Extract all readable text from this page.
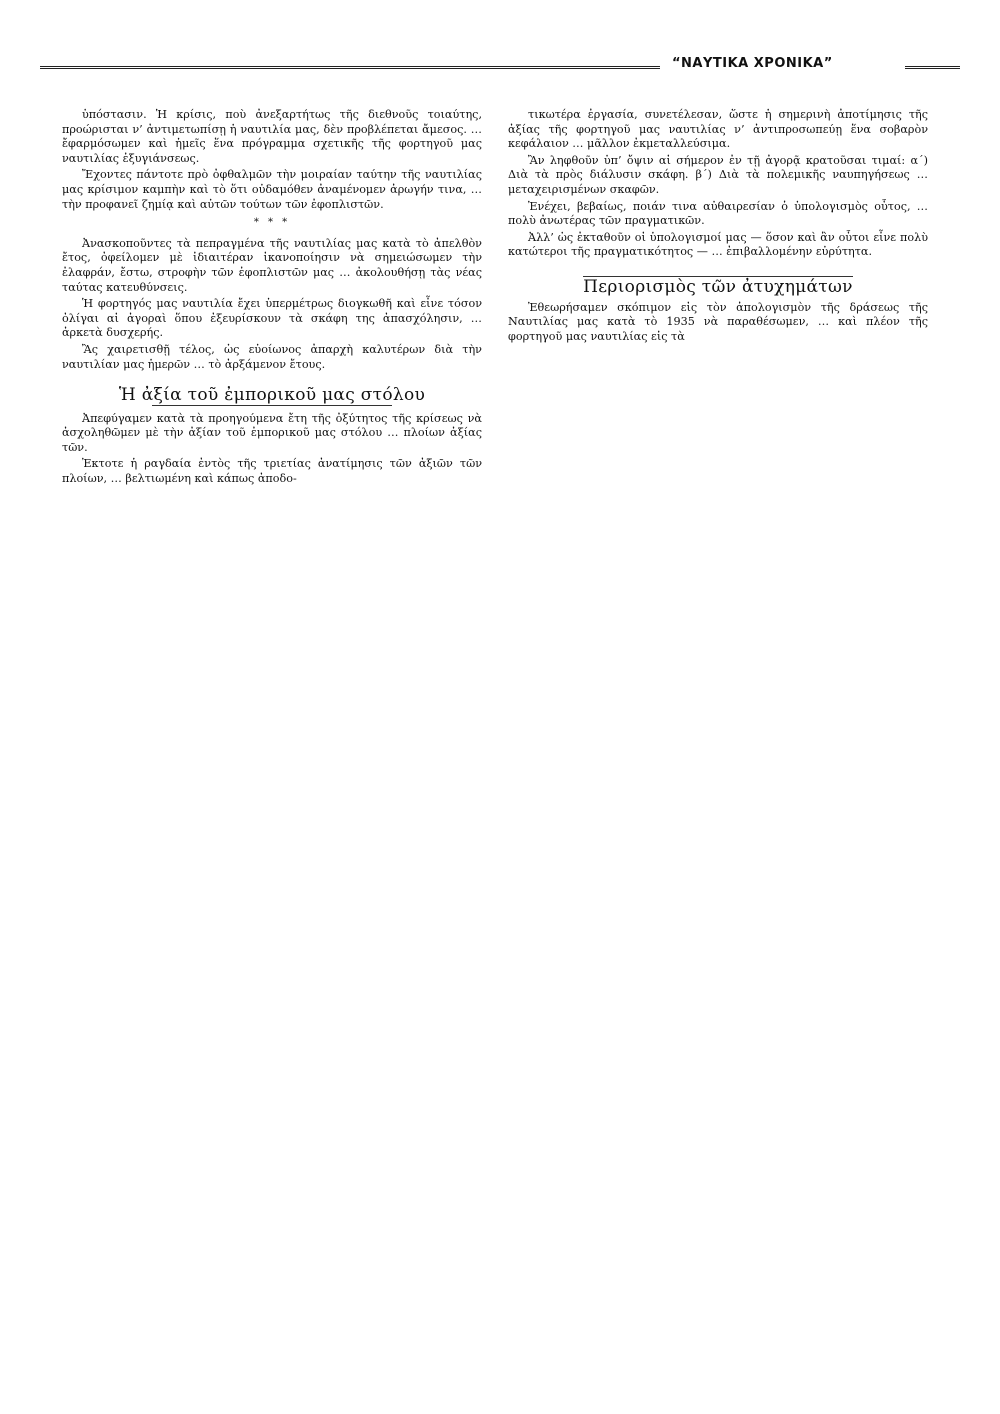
“ΝΑΥΤΙΚΑ ΧΡΟΝΙΚΑ”

ὑπόστασιν. Ἡ κρίσις, ποὺ ἀνεξαρτήτως τῆς διεθνοῦς τοιαύτης, προώρισται ν’ ἀντιμετωπίσῃ ἡ ναυτιλία μας, δὲν προβλέπεται ἄμεσος. … ἔφαρμόσωμεν καὶ ἡμεῖς ἕνα πρόγραμμα σχετικῆς τῆς φορτηγοῦ μας ναυτιλίας ἐξυγιάνσεως.

Ἔχοντες πάντοτε πρὸ ὀφθαλμῶν τὴν μοιραίαν ταύτην τῆς ναυτιλίας μας κρίσιμον καμπὴν καὶ τὸ ὅτι οὐδαμόθεν ἀναμένομεν ἀρωγήν τινα, … τὴν προφανεῖ ζημίᾳ καὶ αὐτῶν τούτων τῶν ἐφοπλιστῶν.

* * *

Ἀνασκοποῦντες τὰ πεπραγμένα τῆς ναυτιλίας μας κατὰ τὸ ἀπελθὸν ἔτος, ὀφείλομεν μὲ ἰδιαιτέραν ἱκανοποίησιν νὰ σημειώσωμεν τὴν ἐλαφράν, ἔστω, στροφὴν τῶν ἐφοπλιστῶν μας … ἀκολουθήσῃ τὰς νέας ταύτας κατευθύνσεις.

Ἡ φορτηγός μας ναυτιλία ἔχει ὑπερμέτρως διογκωθῆ καὶ εἶνε τόσον ὀλίγαι αἱ ἀγοραὶ ὅπου ἐξευρίσκουν τὰ σκάφη της ἀπασχόλησιν, … ἀρκετὰ δυσχερής.

Ἂς χαιρετισθῇ τέλος, ὡς εὐοίωνος ἀπαρχὴ καλυτέρων διὰ τὴν ναυτιλίαν μας ἡμερῶν … τὸ ἀρξάμενον ἔτους.

Ἡ ἀξία τοῦ ἐμπορικοῦ μας στόλου

Ἀπεφύγαμεν κατὰ τὰ προηγούμενα ἔτη τῆς ὀξύτητος τῆς κρίσεως νὰ ἀσχοληθῶμεν μὲ τὴν ἀξίαν τοῦ ἐμπορικοῦ μας στόλου … πλοίων ἀξίας τῶν.

Ἐκτοτε ἡ ραγδαία ἐντὸς τῆς τριετίας ἀνατίμησις τῶν ἀξιῶν τῶν πλοίων, … βελτιωμένη καὶ κάπως ἀποδο-

τικωτέρα ἐργασία, συνετέλεσαν, ὥστε ἡ σημερινὴ ἀποτίμησις τῆς ἀξίας τῆς φορτηγοῦ μας ναυτιλίας ν’ ἀντιπροσωπεύῃ ἕνα σοβαρὸν κεφάλαιον … μᾶλλον ἐκμεταλλεύσιμα.

Ἂν ληφθοῦν ὑπ’ ὄψιν αἱ σήμερον ἐν τῇ ἀγορᾷ κρατοῦσαι τιμαί: α΄) Διὰ τὰ πρὸς διάλυσιν σκάφη. β΄) Διὰ τὰ πολεμικῆς ναυπηγήσεως … μεταχειρισμένων σκαφῶν.

Ἐνέχει, βεβαίως, ποιάν τινα αὐθαιρεσίαν ὁ ὑπολογισμὸς οὗτος, … πολὺ ἀνωτέρας τῶν πραγματικῶν.

Ἀλλ’ ὡς ἐκταθοῦν οἱ ὑπολογισμοί μας — ὅσον καὶ ἂν οὗτοι εἶνε πολὺ κατώτεροι τῆς πραγματικότητος — … ἐπιβαλλομένην εὐρύτητα.

Περιορισμὸς τῶν ἀτυχημάτων

Ἐθεωρήσαμεν σκόπιμον εἰς τὸν ἀπολογισμὸν τῆς δράσεως τῆς Ναυτιλίας μας κατὰ τὸ 1935 νὰ παραθέσωμεν, … καὶ πλέον τῆς φορτηγοῦ μας ναυτιλίας εἰς τὰ
